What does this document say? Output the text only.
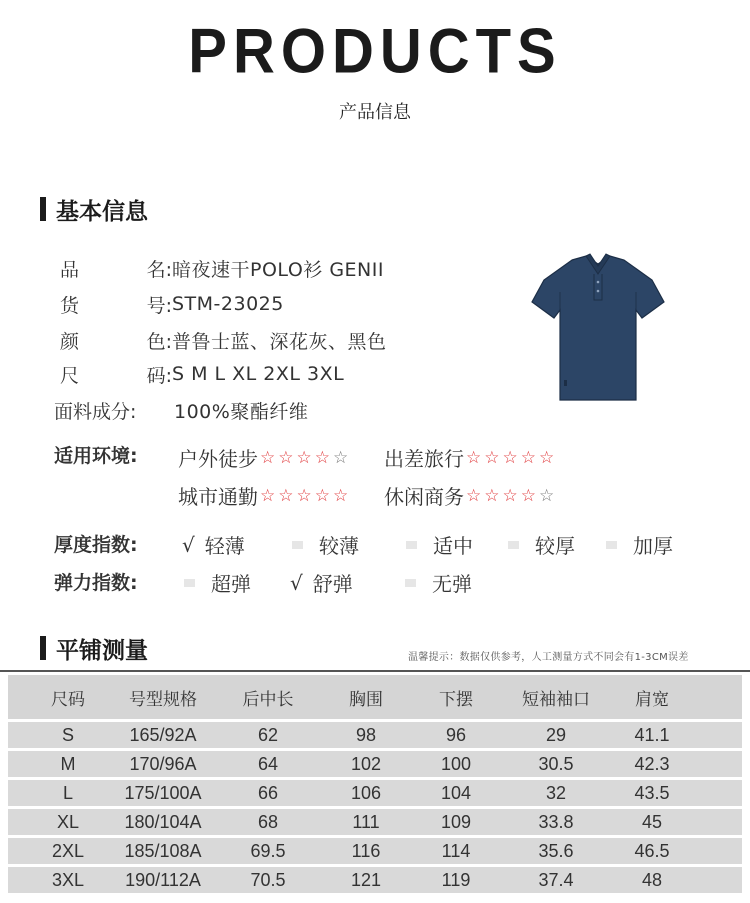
PRODUCTS
产品信息
基本信息
品	名: 暗夜速干POLO衫 GENII
货	号: STM-23025
颜	色: 普鲁士蓝、深花灰、黑色
尺	码: S M L XL 2XL 3XL
面料成分: 100%聚酯纤维
适用环境: 户外徒步 ☆☆☆☆☆ 出差旅行 ☆☆☆☆☆
城市通勤 ☆☆☆☆☆ 休闲商务 ☆☆☆☆☆
厚度指数: √ 轻薄	较薄	适中	较厚	加厚
弹力指数:	超弹 √ 舒弹	无弹
平铺测量	温馨提示：数据仅供参考，人工测量方式不同会有1-3CM误差
尺码	号型规格	后中长	胸围	下摆	短袖袖口	肩宽
S	165/92A	62	98	96	29	41.1
M	170/96A	64	102	100	30.5	42.3
L	175/100A	66	106	104	32	43.5
XL	180/104A	68	111	109	33.8	45
2XL	185/108A	69.5	116	114	35.6	46.5
3XL	190/112A	70.5	121	119	37.4	48
